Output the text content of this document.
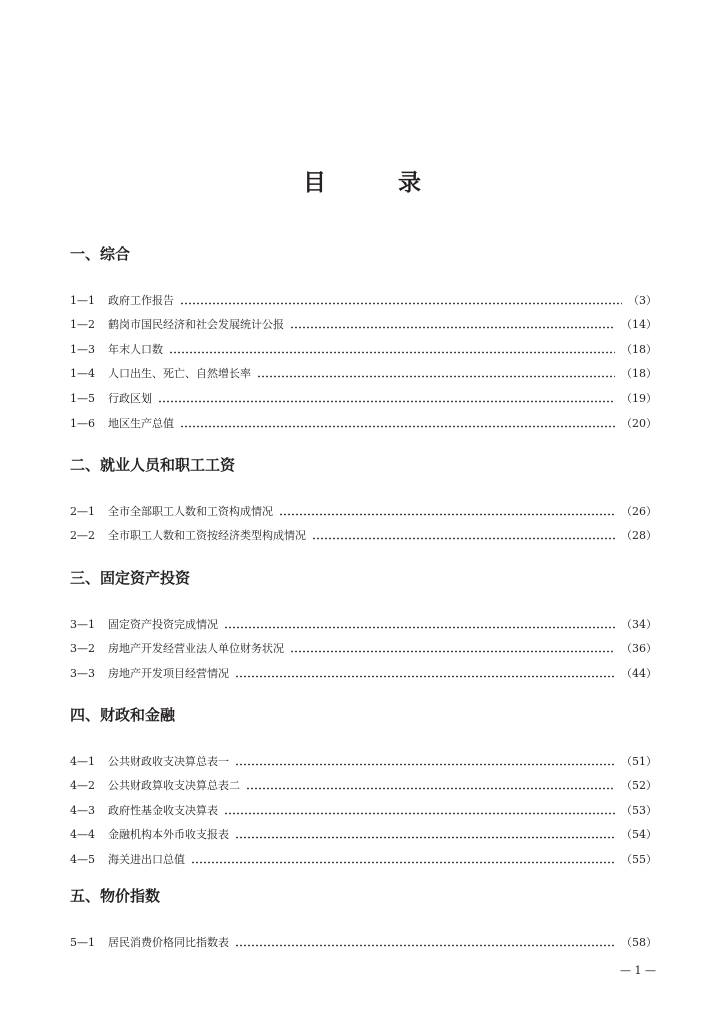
目录
一、综合
1—1	政府工作报告	（3）
1—2	鹤岗市国民经济和社会发展统计公报	（14）
1—3	年末人口数	（18）
1—4	人口出生、死亡、自然增长率	（18）
1—5	行政区划	（19）
1—6	地区生产总值	（20）
二、就业人员和职工工资
2—1	全市全部职工人数和工资构成情况	（26）
2—2	全市职工人数和工资按经济类型构成情况	（28）
三、固定资产投资
3—1	固定资产投资完成情况	（34）
3—2	房地产开发经营业法人单位财务状况	（36）
3—3	房地产开发项目经营情况	（44）
四、财政和金融
4—1	公共财政收支决算总表一	（51）
4—2	公共财政算收支决算总表二	（52）
4—3	政府性基金收支决算表	（53）
4—4	金融机构本外币收支报表	（54）
4—5	海关进出口总值	（55）
五、物价指数
5—1	居民消费价格同比指数表	（58）
— 1 —
